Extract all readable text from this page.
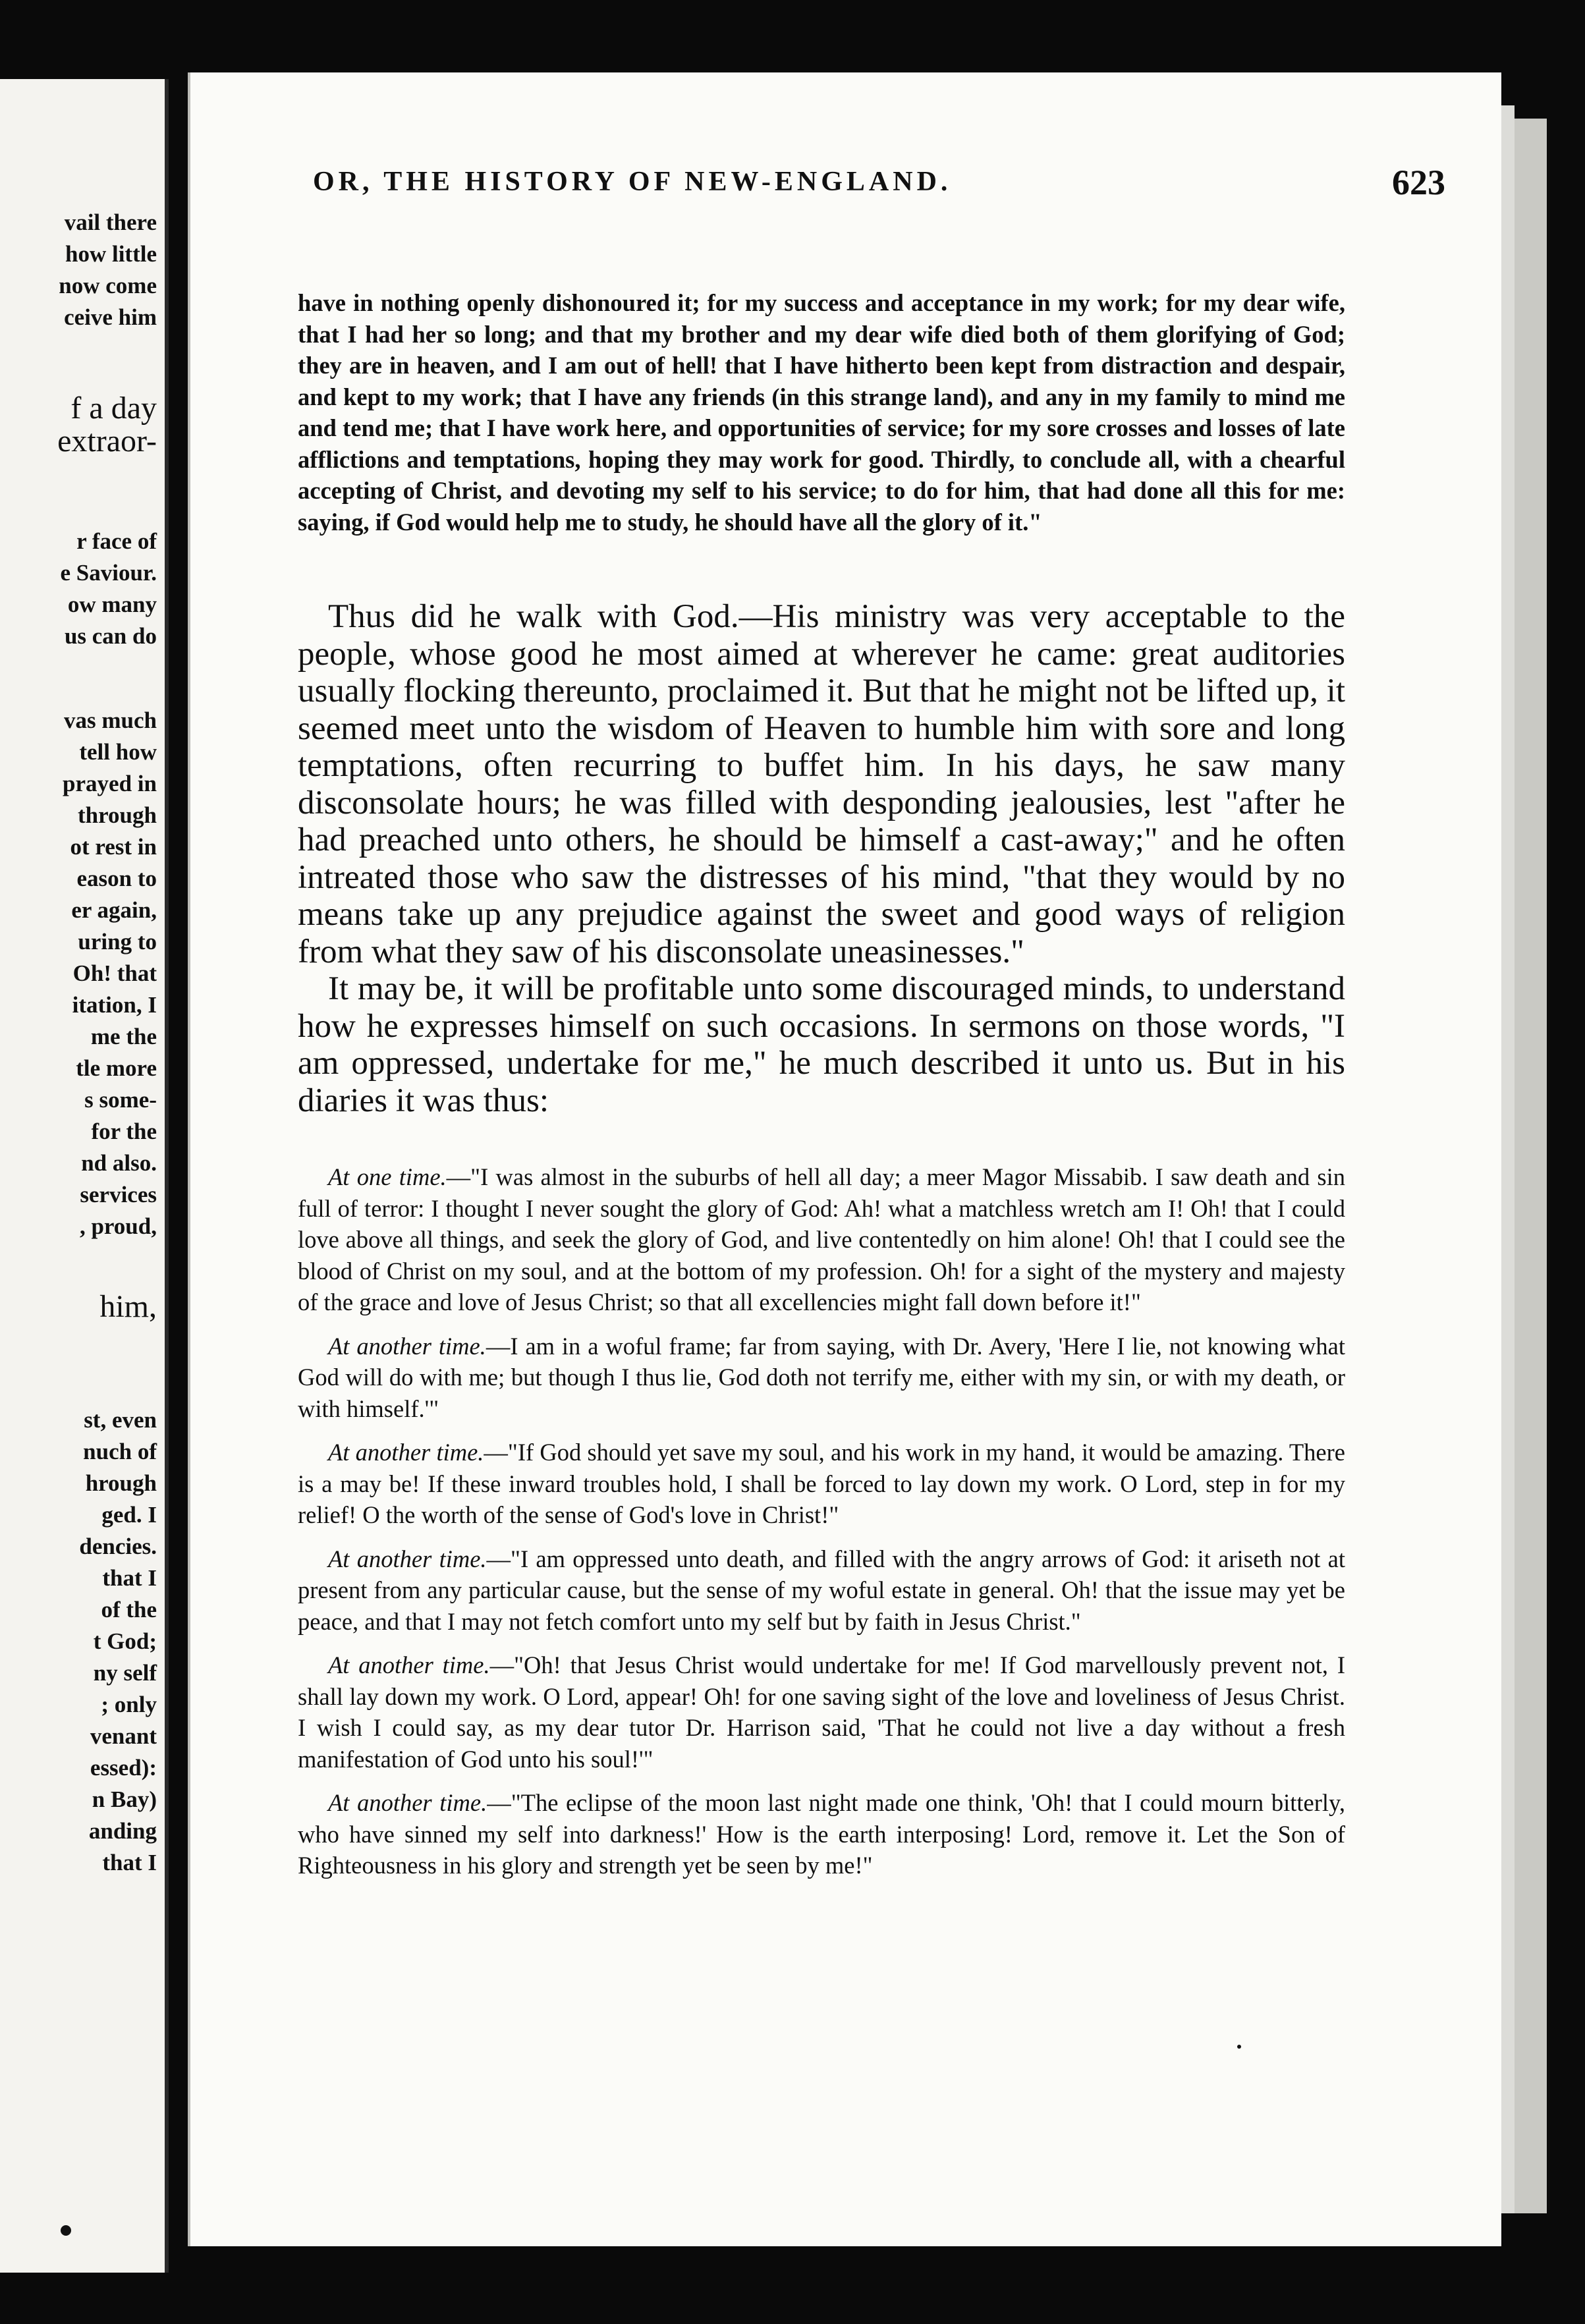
vail there
how little
now come
ceive him
f a day
extraor-
r face of
e Saviour.
ow many
us can do
vas much
tell how
prayed in
through
ot rest in
eason to
er again,
uring to
Oh! that
itation, I
me the
tle more
s some-
for the
nd also.
services
, proud,
him,
st, even
nuch of
hrough
ged. I
dencies.
that I
of the
t God;
ny self
; only
venant
essed):
n Bay)
anding
that I
OR, THE HISTORY OF NEW-ENGLAND.	623

have in nothing openly dishonoured it; for my success and acceptance in my work; for my dear wife, that I had her so long; and that my brother and my dear wife died both of them glorifying of God; they are in heaven, and I am out of hell! that I have hitherto been kept from distraction and despair, and kept to my work; that I have any friends (in this strange land), and any in my family to mind me and tend me; that I have work here, and opportunities of service; for my sore crosses and losses of late afflictions and temptations, hoping they may work for good. Thirdly, to conclude all, with a chearful accepting of Christ, and devoting my self to his service; to do for him, that had done all this for me: saying, if God would help me to study, he should have all the glory of it."

Thus did he walk with God.—His ministry was very acceptable to the people, whose good he most aimed at wherever he came: great auditories usually flocking thereunto, proclaimed it. But that he might not be lifted up, it seemed meet unto the wisdom of Heaven to humble him with sore and long temptations, often recurring to buffet him. In his days, he saw many disconsolate hours; he was filled with desponding jealousies, lest "after he had preached unto others, he should be himself a cast-away;" and he often intreated those who saw the distresses of his mind, "that they would by no means take up any prejudice against the sweet and good ways of religion from what they saw of his disconsolate uneasinesses."

It may be, it will be profitable unto some discouraged minds, to understand how he expresses himself on such occasions. In sermons on those words, "I am oppressed, undertake for me," he much described it unto us. But in his diaries it was thus:

At one time.—"I was almost in the suburbs of hell all day; a meer Magor Missabib. I saw death and sin full of terror: I thought I never sought the glory of God: Ah! what a matchless wretch am I! Oh! that I could love above all things, and seek the glory of God, and live contentedly on him alone! Oh! that I could see the blood of Christ on my soul, and at the bottom of my profession. Oh! for a sight of the mystery and majesty of the grace and love of Jesus Christ; so that all excellencies might fall down before it!"

At another time.—I am in a woful frame; far from saying, with Dr. Avery, 'Here I lie, not knowing what God will do with me; but though I thus lie, God doth not terrify me, either with my sin, or with my death, or with himself.'"

At another time.—"If God should yet save my soul, and his work in my hand, it would be amazing. There is a may be! If these inward troubles hold, I shall be forced to lay down my work. O Lord, step in for my relief! O the worth of the sense of God's love in Christ!"

At another time.—"I am oppressed unto death, and filled with the angry arrows of God: it ariseth not at present from any particular cause, but the sense of my woful estate in general. Oh! that the issue may yet be peace, and that I may not fetch comfort unto my self but by faith in Jesus Christ."

At another time.—"Oh! that Jesus Christ would undertake for me! If God marvellously prevent not, I shall lay down my work. O Lord, appear! Oh! for one saving sight of the love and loveliness of Jesus Christ. I wish I could say, as my dear tutor Dr. Harrison said, 'That he could not live a day without a fresh manifestation of God unto his soul!'"

At another time.—"The eclipse of the moon last night made one think, 'Oh! that I could mourn bitterly, who have sinned my self into darkness!' How is the earth interposing! Lord, remove it. Let the Son of Righteousness in his glory and strength yet be seen by me!"
